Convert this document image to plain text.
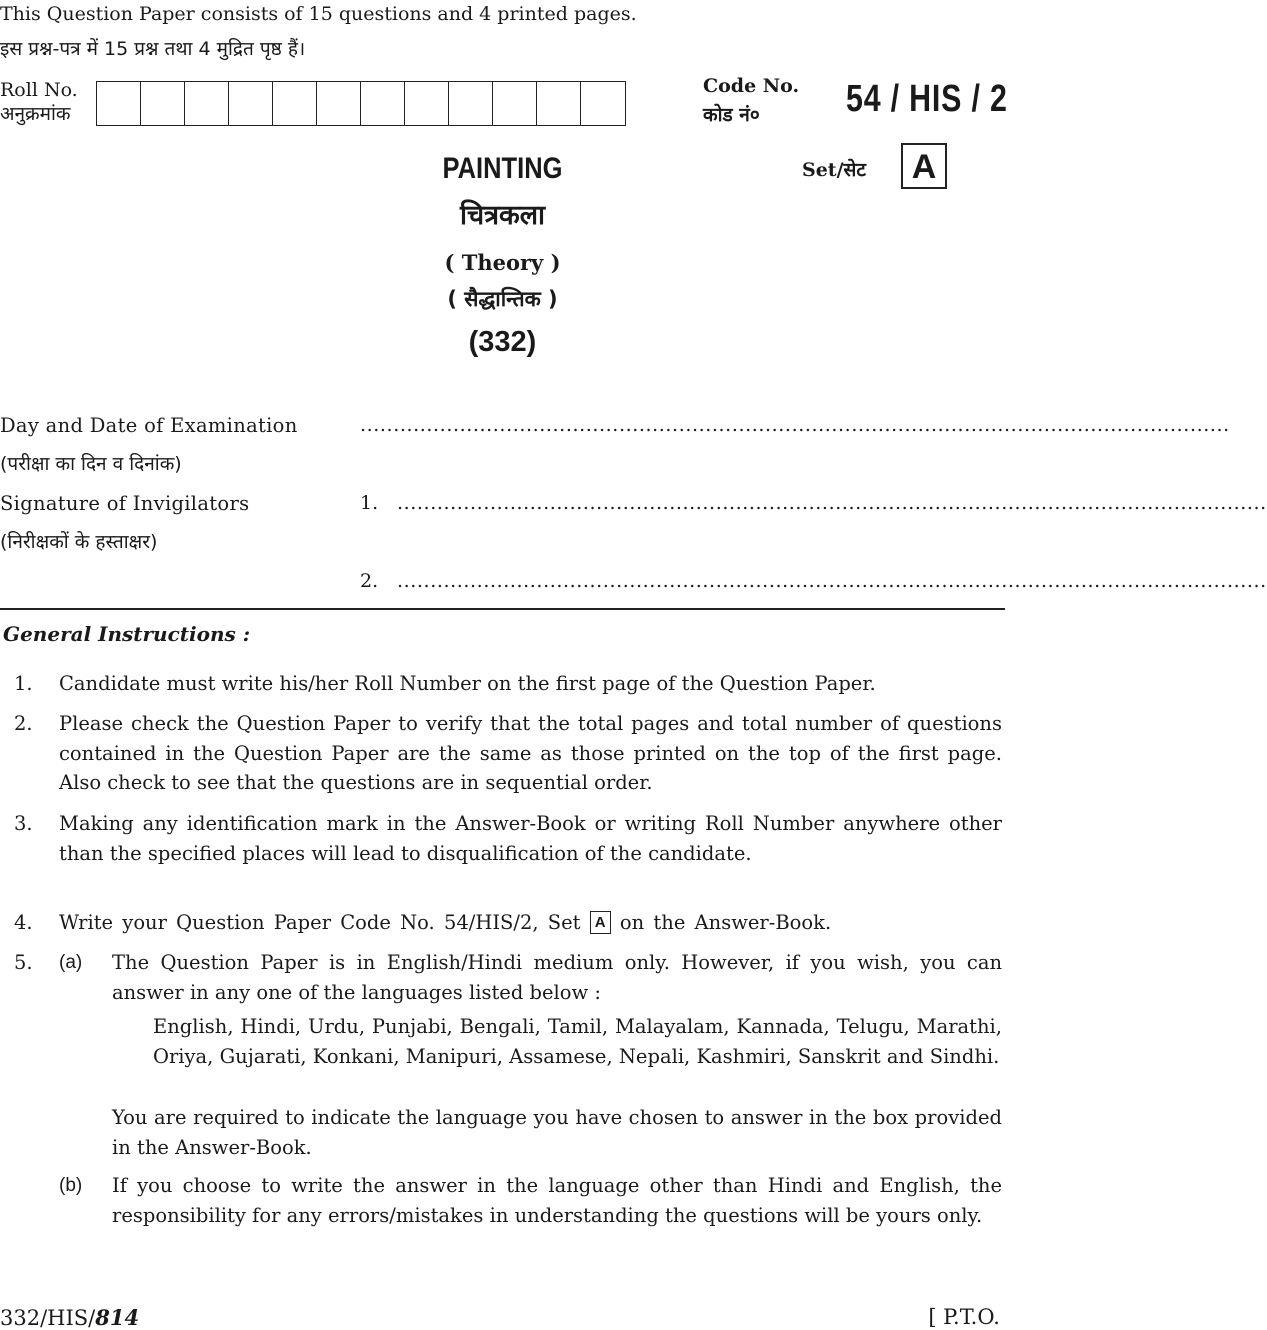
This Question Paper consists of 15 questions and 4 printed pages.
इस प्रश्न-पत्र में 15 प्रश्न तथा 4 मुद्रित पृष्ठ हैं।
Roll No.
अनुक्रमांक
Code No.
कोड नं० 54 / HIS / 2
Set/सेट	A
PAINTING
चित्रकला
( Theory )
( सैद्धान्तिक )
(332)
Day and Date of Examination	...................................................................................................................................
(परीक्षा का दिन व दिनांक)
Signature of Invigilators	1. ...................................................................................................................................
(निरीक्षकों के हस्ताक्षर)
2. ...................................................................................................................................
General Instructions :
1. Candidate must write his/her Roll Number on the first page of the Question Paper.
2. Please check the Question Paper to verify that the total pages and total number of questions contained in the Question Paper are the same as those printed on the top of the first page. Also check to see that the questions are in sequential order.
3. Making any identification mark in the Answer-Book or writing Roll Number anywhere other than the specified places will lead to disqualification of the candidate.
4. Write your Question Paper Code No. 54/HIS/2, Set A on the Answer-Book.
5. (a) The Question Paper is in English/Hindi medium only. However, if you wish, you can answer in any one of the languages listed below :
English, Hindi, Urdu, Punjabi, Bengali, Tamil, Malayalam, Kannada, Telugu, Marathi, Oriya, Gujarati, Konkani, Manipuri, Assamese, Nepali, Kashmiri, Sanskrit and Sindhi.
You are required to indicate the language you have chosen to answer in the box provided in the Answer-Book.
(b) If you choose to write the answer in the language other than Hindi and English, the responsibility for any errors/mistakes in understanding the questions will be yours only.
332/HIS/814	[ P.T.O.
